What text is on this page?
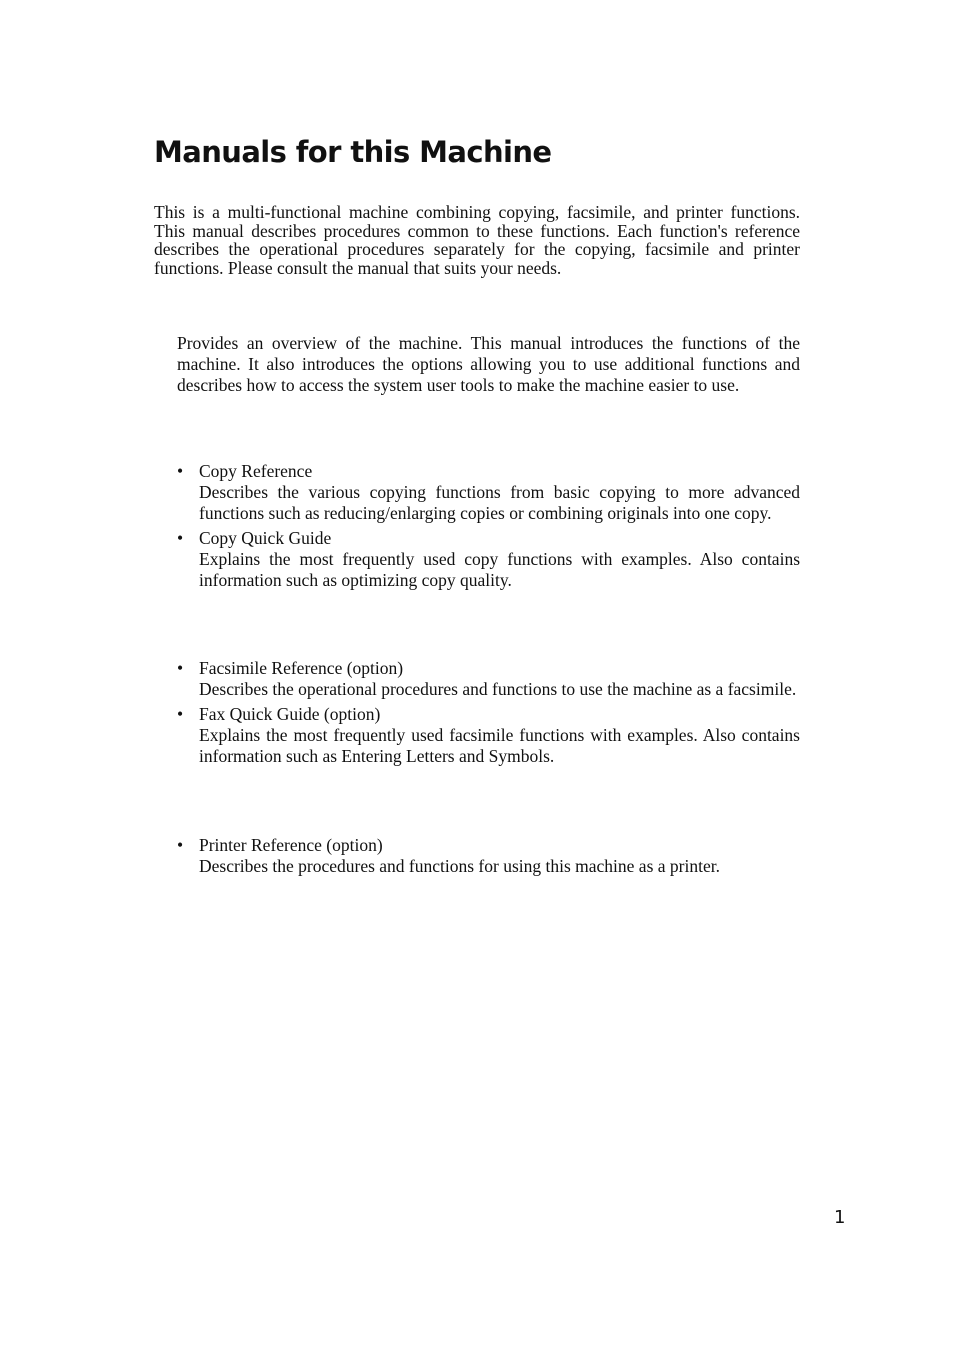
Manuals for this Machine

This is a multi-functional machine combining copying, facsimile, and printer functions. This manual describes procedures common to these functions. Each function's reference describes the operational procedures separately for the copying, facsimile and printer functions. Please consult the manual that suits your needs.

Provides an overview of the machine. This manual introduces the functions of the machine. It also introduces the options allowing you to use additional functions and describes how to access the system user tools to make the machine easier to use.

• Copy Reference
Describes the various copying functions from basic copying to more advanced functions such as reducing/enlarging copies or combining originals into one copy.
• Copy Quick Guide
Explains the most frequently used copy functions with examples. Also contains information such as optimizing copy quality.
• Facsimile Reference (option)
Describes the operational procedures and functions to use the machine as a facsimile.
• Fax Quick Guide (option)
Explains the most frequently used facsimile functions with examples. Also contains information such as Entering Letters and Symbols.
• Printer Reference (option)
Describes the procedures and functions for using this machine as a printer.
1
